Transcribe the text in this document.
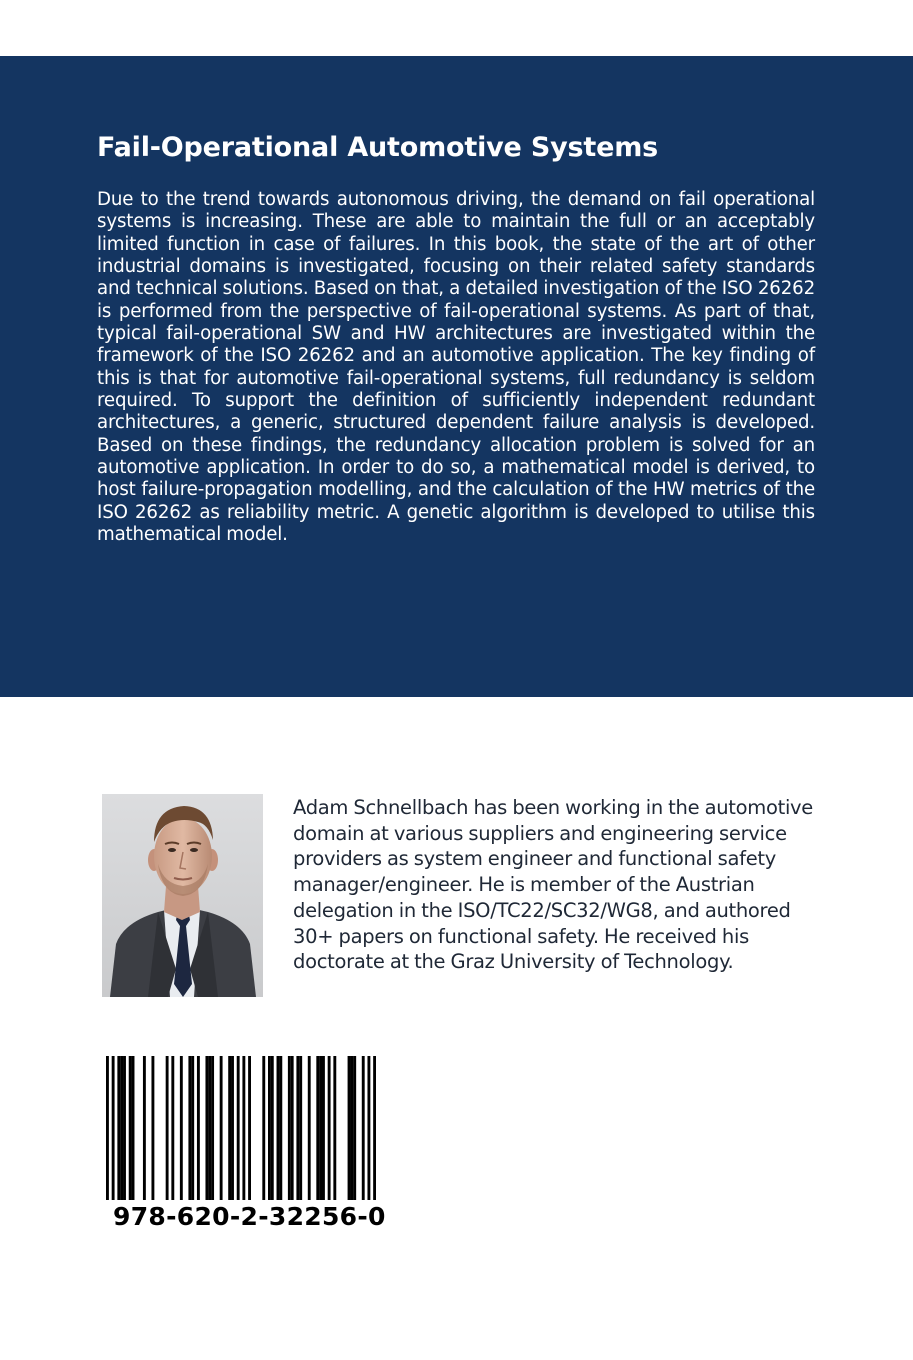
Fail-Operational Automotive Systems

Due to the trend towards autonomous driving, the demand on fail operational systems is increasing. These are able to maintain the full or an acceptably limited function in case of failures. In this book, the state of the art of other industrial domains is investigated, focusing on their related safety standards and technical solutions. Based on that, a detailed investigation of the ISO 26262 is performed from the perspective of fail-operational systems. As part of that, typical fail-operational SW and HW architectures are investigated within the framework of the ISO 26262 and an automotive application. The key finding of this is that for automotive fail-operational systems, full redundancy is seldom required. To support the definition of sufficiently independent redundant architectures, a generic, structured dependent failure analysis is developed. Based on these findings, the redundancy allocation problem is solved for an automotive application. In order to do so, a mathematical model is derived, to host failure-propagation modelling, and the calculation of the HW metrics of the ISO 26262 as reliability metric. A genetic algorithm is developed to utilise this mathematical model.

Adam Schnellbach has been working in the automotive domain at various suppliers and engineering service providers as system engineer and functional safety manager/engineer. He is member of the Austrian delegation in the ISO/TC22/SC32/WG8, and authored 30+ papers on functional safety. He received his doctorate at the Graz University of Technology.

978-620-2-32256-0
